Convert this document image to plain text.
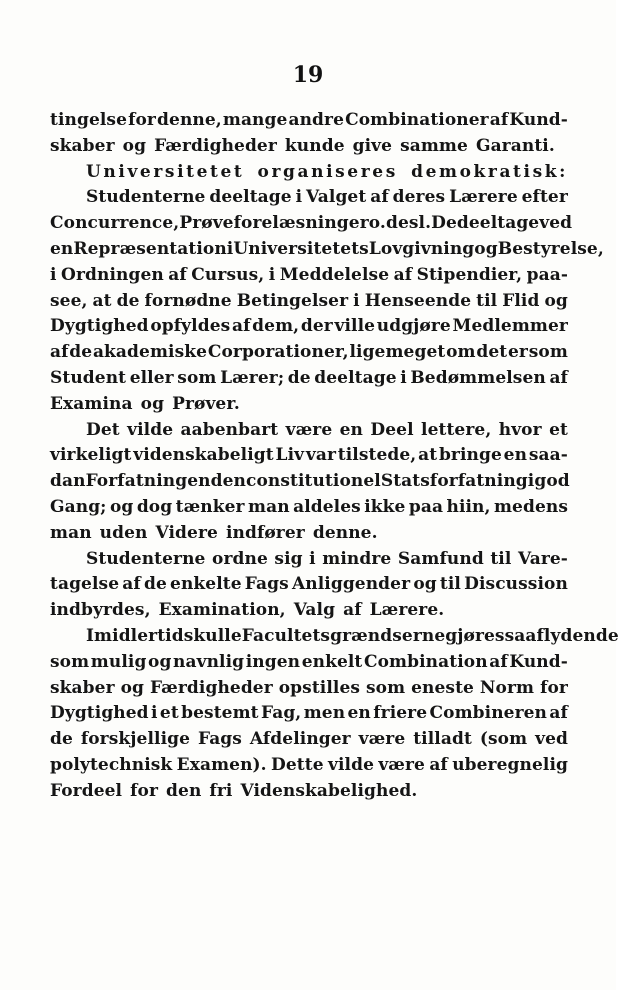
19
tingelse for denne, mange andre Combinationer af Kund-
skaber og Færdigheder kunde give samme Garanti.
Universitetet organiseres demokratisk:
Studenterne deeltage i Valget af deres Lærere efter
Concurrence, Prøveforelæsninger o. desl. De deeltage ved
en Repræsentation i Universitetets Lovgivning og Bestyrelse,
i Ordningen af Cursus, i Meddelelse af Stipendier, paa-
see, at de fornødne Betingelser i Henseende til Flid og
Dygtighed opfyldes af dem, der ville udgjøre Medlemmer
af de akademiske Corporationer, ligemeget om det er som
Student eller som Lærer; de deeltage i Bedømmelsen af
Examina og Prøver.
Det vilde aabenbart være en Deel lettere, hvor et
virkeligt videnskabeligt Liv var tilstede, at bringe en saa-
dan Forfatning end en constitutionel Statsforfatning i god
Gang; og dog tænker man aldeles ikke paa hiin, medens
man uden Videre indfører denne.
Studenterne ordne sig i mindre Samfund til Vare-
tagelse af de enkelte Fags Anliggender og til Discussion
indbyrdes, Examination, Valg af Lærere.
Imidlertid skulle Facultetsgrændserne gjøres saa flydende
som mulig og navnlig ingen enkelt Combination af Kund-
skaber og Færdigheder opstilles som eneste Norm for
Dygtighed i et bestemt Fag, men en friere Combineren af
de forskjellige Fags Afdelinger være tilladt (som ved
polytechnisk Examen). Dette vilde være af uberegnelig
Fordeel for den fri Videnskabelighed.
